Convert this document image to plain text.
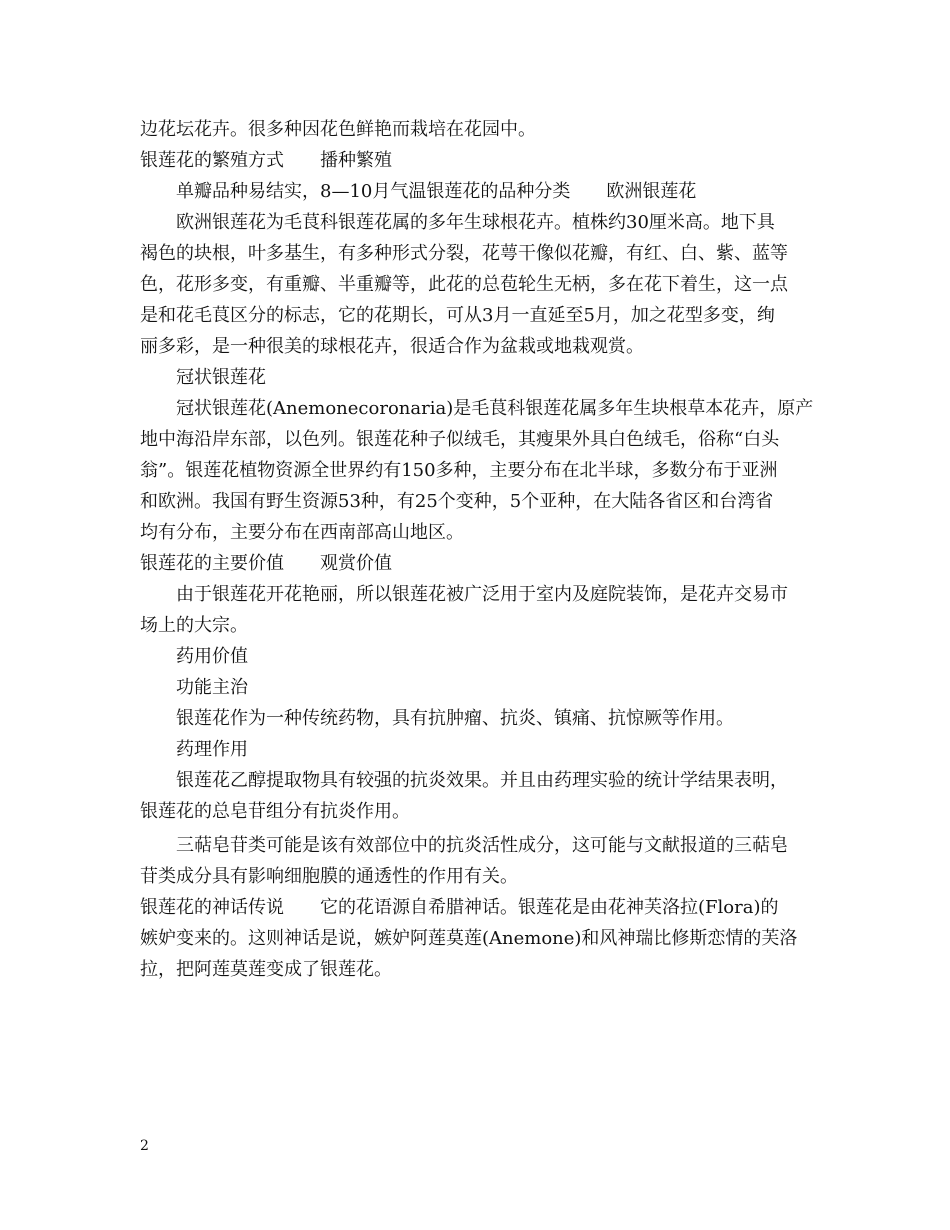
边花坛花卉。很多种因花色鲜艳而栽培在花园中。
银莲花的繁殖方式　　播种繁殖
单瓣品种易结实，8—10月气温银莲花的品种分类　　欧洲银莲花
欧洲银莲花为毛茛科银莲花属的多年生球根花卉。植株约30厘米高。地下具
褐色的块根，叶多基生，有多种形式分裂，花萼干像似花瓣，有红、白、紫、蓝等
色，花形多变，有重瓣、半重瓣等，此花的总苞轮生无柄，多在花下着生，这一点
是和花毛茛区分的标志，它的花期长，可从3月一直延至5月，加之花型多变，绚
丽多彩，是一种很美的球根花卉，很适合作为盆栽或地栽观赏。
冠状银莲花
冠状银莲花(Anemonecoronaria)是毛茛科银莲花属多年生块根草本花卉，原产
地中海沿岸东部，以色列。银莲花种子似绒毛，其瘦果外具白色绒毛，俗称“白头
翁”。银莲花植物资源全世界约有150多种，主要分布在北半球，多数分布于亚洲
和欧洲。我国有野生资源53种，有25个变种，5个亚种，在大陆各省区和台湾省
均有分布，主要分布在西南部高山地区。
银莲花的主要价值　　观赏价值
由于银莲花开花艳丽，所以银莲花被广泛用于室内及庭院装饰，是花卉交易市
场上的大宗。
药用价值
功能主治
银莲花作为一种传统药物，具有抗肿瘤、抗炎、镇痛、抗惊厥等作用。
药理作用
银莲花乙醇提取物具有较强的抗炎效果。并且由药理实验的统计学结果表明，
银莲花的总皂苷组分有抗炎作用。
三萜皂苷类可能是该有效部位中的抗炎活性成分，这可能与文献报道的三萜皂
苷类成分具有影响细胞膜的通透性的作用有关。
银莲花的神话传说　　它的花语源自希腊神话。银莲花是由花神芙洛拉(Flora)的
嫉妒变来的。这则神话是说，嫉妒阿莲莫莲(Anemone)和风神瑞比修斯恋情的芙洛
拉，把阿莲莫莲变成了银莲花。
2
